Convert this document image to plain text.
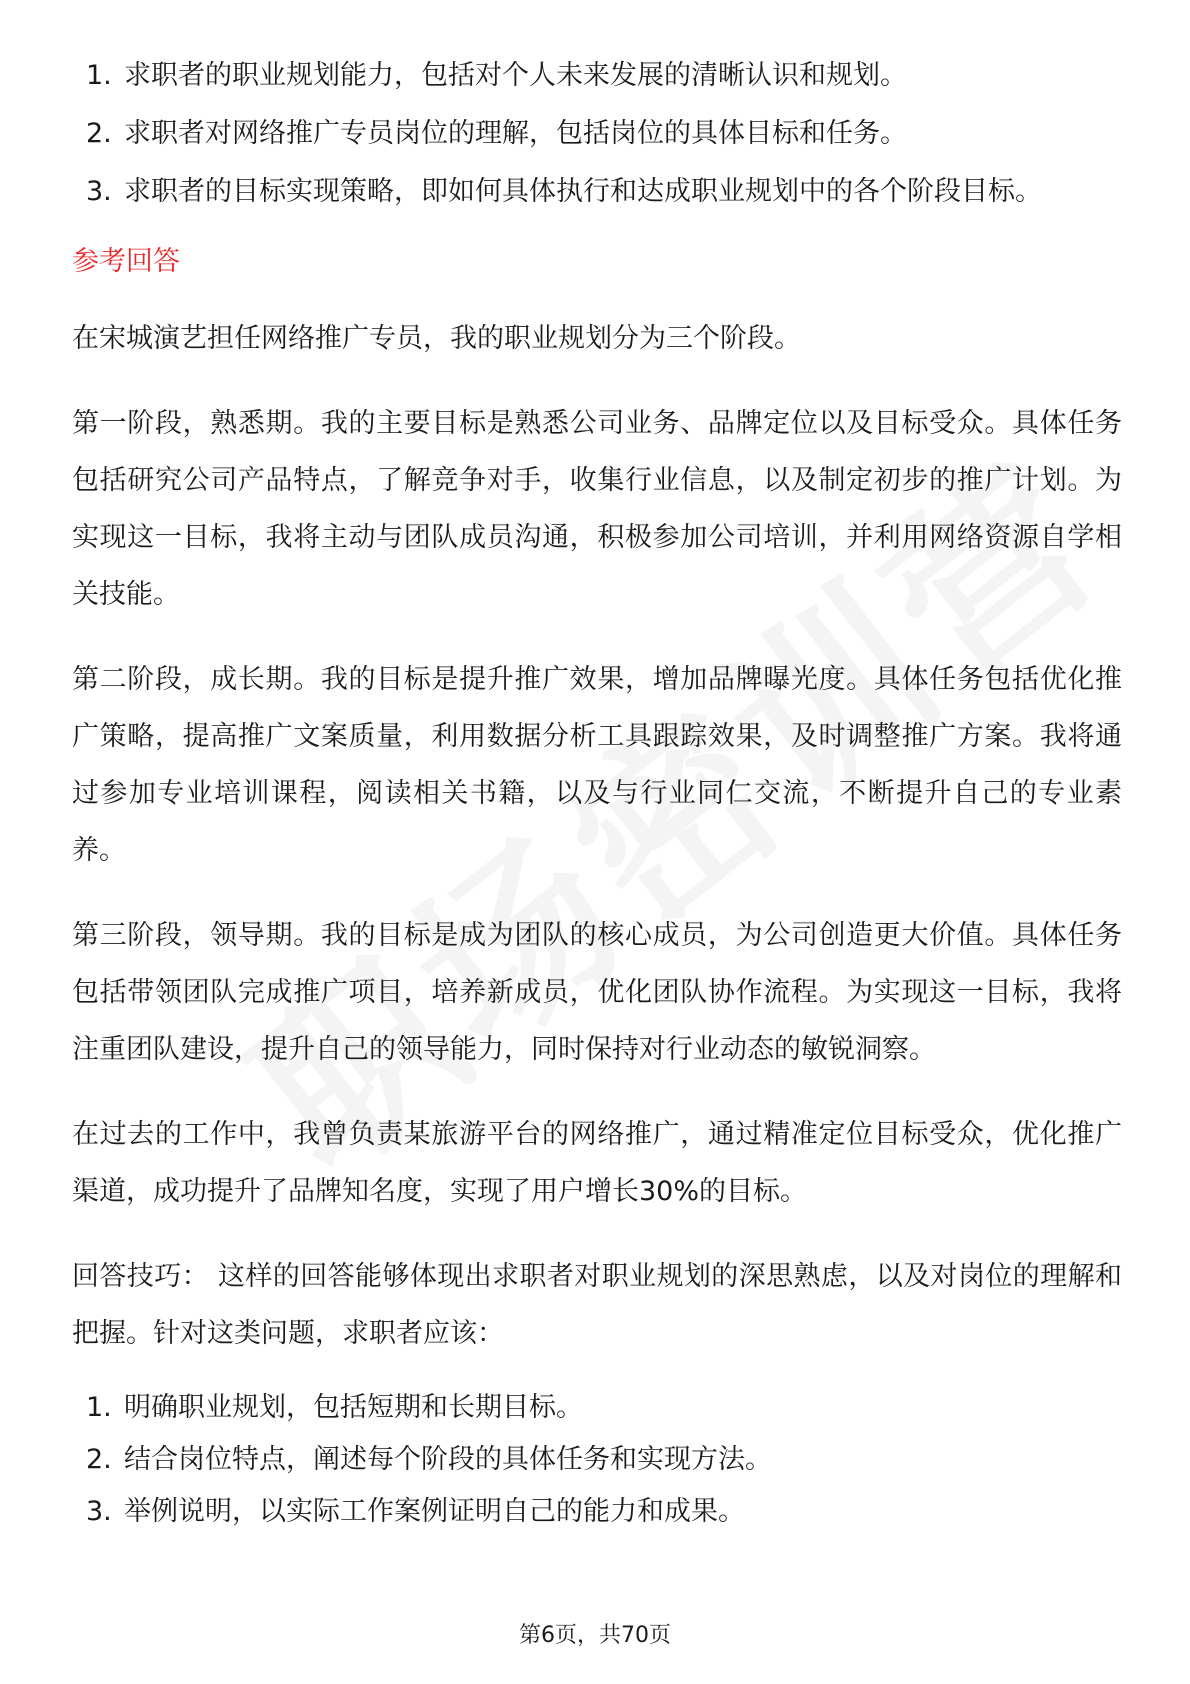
1. 求职者的职业规划能力，包括对个人未来发展的清晰认识和规划。
2. 求职者对网络推广专员岗位的理解，包括岗位的具体目标和任务。
3. 求职者的目标实现策略，即如何具体执行和达成职业规划中的各个阶段目标。
参考回答

在宋城演艺担任网络推广专员，我的职业规划分为三个阶段。

第一阶段，熟悉期。我的主要目标是熟悉公司业务、品牌定位以及目标受众。具体任务包括研究公司产品特点，了解竞争对手，收集行业信息，以及制定初步的推广计划。为实现这一目标，我将主动与团队成员沟通，积极参加公司培训，并利用网络资源自学相关技能。

第二阶段，成长期。我的目标是提升推广效果，增加品牌曝光度。具体任务包括优化推广策略，提高推广文案质量，利用数据分析工具跟踪效果，及时调整推广方案。我将通过参加专业培训课程，阅读相关书籍，以及与行业同仁交流，不断提升自己的专业素养。

第三阶段，领导期。我的目标是成为团队的核心成员，为公司创造更大价值。具体任务包括带领团队完成推广项目，培养新成员，优化团队协作流程。为实现这一目标，我将注重团队建设，提升自己的领导能力，同时保持对行业动态的敏锐洞察。

在过去的工作中，我曾负责某旅游平台的网络推广，通过精准定位目标受众，优化推广渠道，成功提升了品牌知名度，实现了用户增长30%的目标。

回答技巧： 这样的回答能够体现出求职者对职业规划的深思熟虑，以及对岗位的理解和把握。针对这类问题，求职者应该：

1. 明确职业规划，包括短期和长期目标。
2. 结合岗位特点，阐述每个阶段的具体任务和实现方法。
3. 举例说明，以实际工作案例证明自己的能力和成果。
第6页，共70页
